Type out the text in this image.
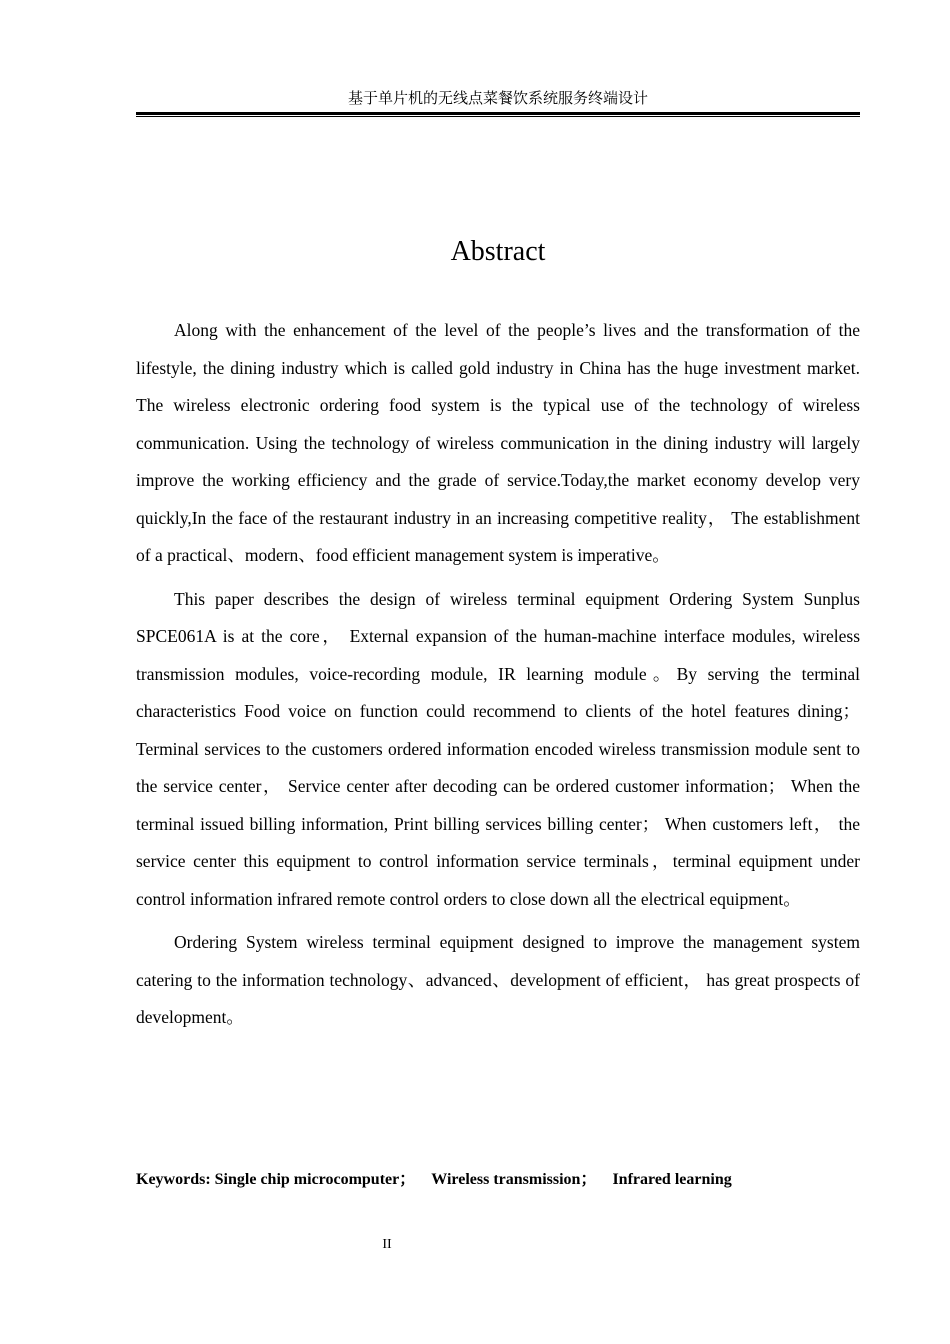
基于单片机的无线点菜餐饮系统服务终端设计
Abstract

Along with the enhancement of the level of the people’s lives and the transformation of the lifestyle, the dining industry which is called gold industry in China has the huge investment market. The wireless electronic ordering food system is the typical use of the technology of wireless communication. Using the technology of wireless communication in the dining industry will largely improve the working efficiency and the grade of service.Today,the market economy develop very quickly,In the face of the restaurant industry in an increasing competitive reality， The establishment of a practical、modern、food efficient management system is imperative。

This paper describes the design of wireless terminal equipment Ordering System Sunplus SPCE061A is at the core， External expansion of the human-machine interface modules, wireless transmission modules, voice-recording module, IR learning module。By serving the terminal characteristics Food voice on function could recommend to clients of the hotel features dining； Terminal services to the customers ordered information encoded wireless transmission module sent to the service center， Service center after decoding can be ordered customer information； When the terminal issued billing information, Print billing services billing center； When customers left， the service center this equipment to control information service terminals，terminal equipment under control information infrared remote control orders to close down all the electrical equipment。

Ordering System wireless terminal equipment designed to improve the management system catering to the information technology、advanced、development of efficient， has great prospects of development。

Keywords: Single chip microcomputer； Wireless transmission； Infrared learning
II
